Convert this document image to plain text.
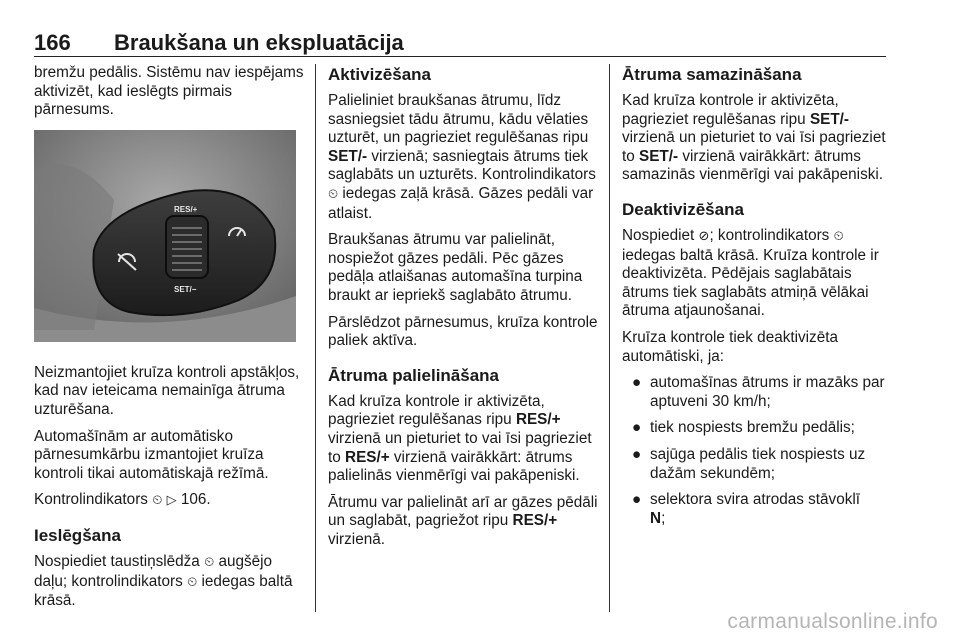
166 Braukšana un ekspluatācija

bremžu pedālis. Sistēmu nav iespējams aktivizēt, kad ieslēgts pirmais pārnesums.

RES/+
SET/−

Neizmantojiet kruīza kontroli apstākļos, kad nav ieteicama nemainīga ātruma uzturēšana.

Automašīnām ar automātisko pārnesumkārbu izmantojiet kruīza kontroli tikai automātiskajā režīmā.

Kontrolindikators ⏲ ▷ 106.

Ieslēgšana

Nospiediet taustiņslēdža ⏲ augšējo daļu; kontrolindikators ⏲ iedegas baltā krāsā.

Aktivizēšana

Palieliniet braukšanas ātrumu, līdz sasniegsiet tādu ātrumu, kādu vēlaties uzturēt, un pagrieziet regulēšanas ripu SET/- virzienā; sasniegtais ātrums tiek saglabāts un uzturēts. Kontrolindikators ⏲ iedegas zaļā krāsā. Gāzes pedāli var atlaist.

Braukšanas ātrumu var palielināt, nospiežot gāzes pedāli. Pēc gāzes pedāļa atlaišanas automašīna turpina braukt ar iepriekš saglabāto ātrumu.

Pārslēdzot pārnesumus, kruīza kontrole paliek aktīva.

Ātruma palielināšana

Kad kruīza kontrole ir aktivizēta, pagrieziet regulēšanas ripu RES/+ virzienā un pieturiet to vai īsi pagrieziet to RES/+ virzienā vairākkārt: ātrums palielinās vienmērīgi vai pakāpeniski.

Ātrumu var palielināt arī ar gāzes pēdāli un saglabāt, pagriežot ripu RES/+ virzienā.

Ātruma samazināšana

Kad kruīza kontrole ir aktivizēta, pagrieziet regulēšanas ripu SET/- virzienā un pieturiet to vai īsi pagrieziet to SET/- virzienā vairākkārt: ātrums samazinās vienmērīgi vai pakāpeniski.

Deaktivizēšana

Nospiediet ⊘; kontrolindikators ⏲ iedegas baltā krāsā. Kruīza kontrole ir deaktivizēta. Pēdējais saglabātais ātrums tiek saglabāts atmiņā vēlākai ātruma atjaunošanai.

Kruīza kontrole tiek deaktivizēta automātiski, ja:

● automašīnas ātrums ir mazāks par aptuveni 30 km/h;
● tiek nospiests bremžu pedālis;
● sajūga pedālis tiek nospiests uz dažām sekundēm;
● selektora svira atrodas stāvoklī
N;
carmanualsonline.info
